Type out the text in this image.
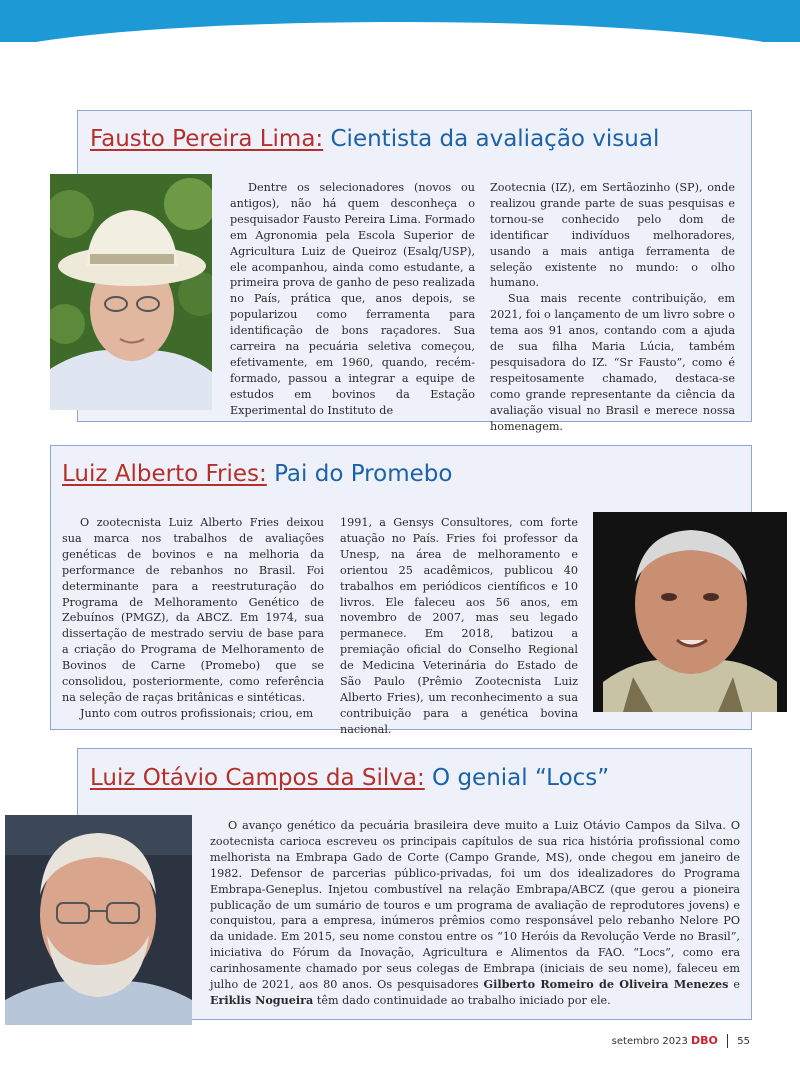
Fausto Pereira Lima: Cientista da avaliação visual

Dentre os selecionadores (novos ou antigos), não há quem desconheça o pesquisador Fausto Pereira Lima. Formado em Agronomia pela Escola Superior de Agricultura Luiz de Queiroz (Esalq/USP), ele acompanhou, ainda como estudante, a primeira prova de ganho de peso realizada no País, prática que, anos depois, se popularizou como ferramenta para identificação de bons raçadores. Sua carreira na pecuária seletiva começou, efetivamente, em 1960, quando, recém-formado, passou a integrar a equipe de estudos em bovinos da Estação Experimental do Instituto de

Zootecnia (IZ), em Sertãozinho (SP), onde realizou grande parte de suas pesquisas e tornou-se conhecido pelo dom de identificar indivíduos melhoradores, usando a mais antiga ferramenta de seleção existente no mundo: o olho humano.

Sua mais recente contribuição, em 2021, foi o lançamento de um livro sobre o tema aos 91 anos, contando com a ajuda de sua filha Maria Lúcia, também pesquisadora do IZ. “Sr Fausto”, como é respeitosamente chamado, destaca-se como grande representante da ciência da avaliação visual no Brasil e merece nossa homenagem.

Luiz Alberto Fries: Pai do Promebo

O zootecnista Luiz Alberto Fries deixou sua marca nos trabalhos de avaliações genéticas de bovinos e na melhoria da performance de rebanhos no Brasil. Foi determinante para a reestruturação do Programa de Melhoramento Genético de Zebuínos (PMGZ), da ABCZ. Em 1974, sua dissertação de mestrado serviu de base para a criação do Programa de Melhoramento de Bovinos de Carne (Promebo) que se consolidou, posteriormente, como referência na seleção de raças britânicas e sintéticas.

Junto com outros profissionais; criou, em

1991, a Gensys Consultores, com forte atuação no País. Fries foi professor da Unesp, na área de melhoramento e orientou 25 acadêmicos, publicou 40 trabalhos em periódicos científicos e 10 livros. Ele faleceu aos 56 anos, em novembro de 2007, mas seu legado permanece. Em 2018, batizou a premiação oficial do Conselho Regional de Medicina Veterinária do Estado de São Paulo (Prêmio Zootecnista Luiz Alberto Fries), um reconhecimento a sua contribuição para a genética bovina nacional.

Luiz Otávio Campos da Silva: O genial “Locs”

O avanço genético da pecuária brasileira deve muito a Luiz Otávio Campos da Silva. O zootecnista carioca escreveu os principais capítulos de sua rica história profissional como melhorista na Embrapa Gado de Corte (Campo Grande, MS), onde chegou em janeiro de 1982. Defensor de parcerias público-privadas, foi um dos idealizadores do Programa Embrapa-Geneplus. Injetou combustível na relação Embrapa/ABCZ (que gerou a pioneira publicação de um sumário de touros e um programa de avaliação de reprodutores jovens) e conquistou, para a empresa, inúmeros prêmios como responsável pelo rebanho Nelore PO da unidade. Em 2015, seu nome constou entre os “10 Heróis da Revolução Verde no Brasil”, iniciativa do Fórum da Inovação, Agricultura e Alimentos da FAO. “Locs”, como era carinhosamente chamado por seus colegas de Embrapa (iniciais de seu nome), faleceu em julho de 2021, aos 80 anos. Os pesquisadores Gilberto Romeiro de Oliveira Menezes e Eriklis Nogueira têm dado continuidade ao trabalho iniciado por ele.

setembro 2023 DBO 55
